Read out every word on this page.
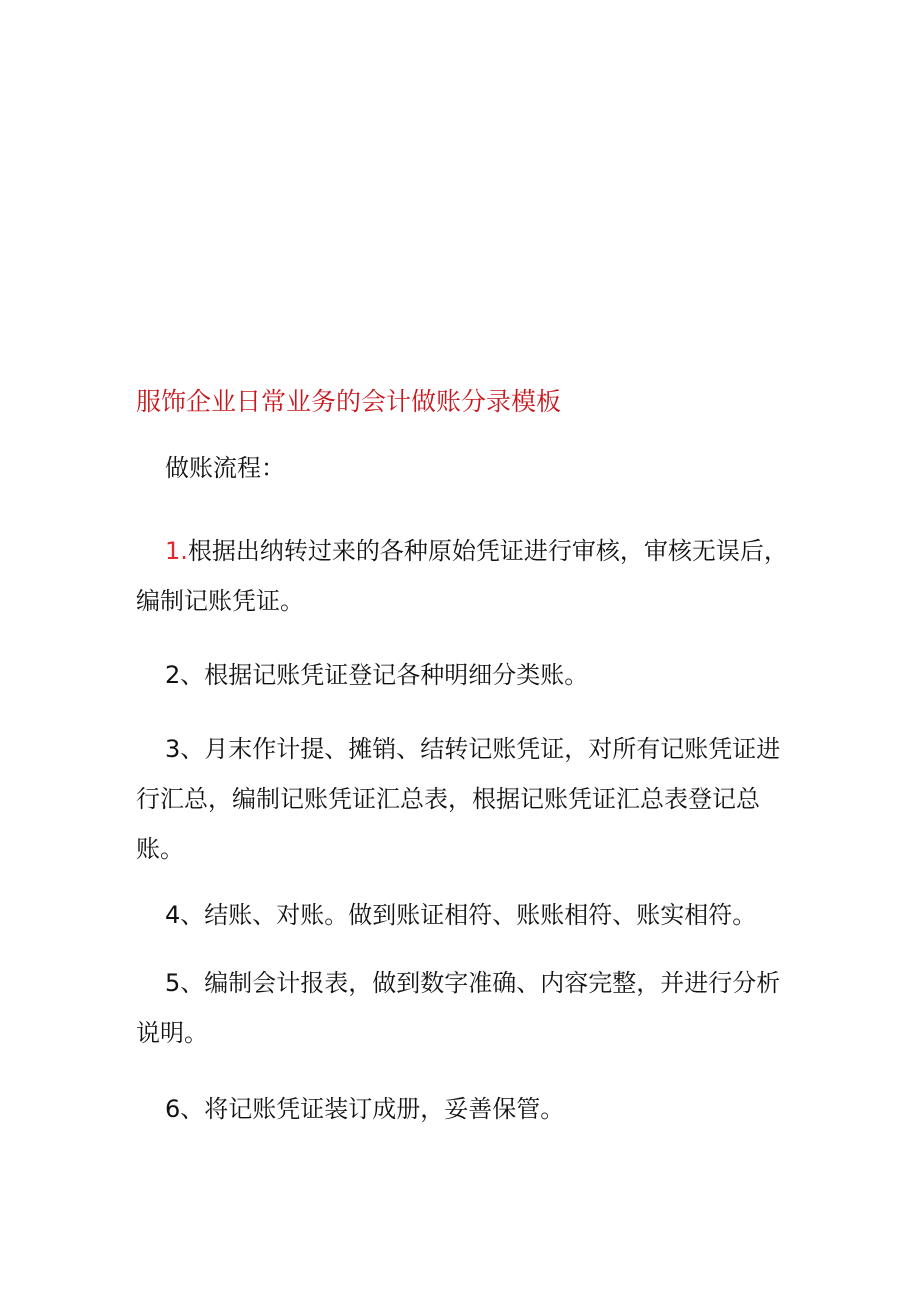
服饰企业日常业务的会计做账分录模板
做账流程：

1.根据出纳转过来的各种原始凭证进行审核，审核无误后，编制记账凭证。

2、根据记账凭证登记各种明细分类账。

3、月末作计提、摊销、结转记账凭证，对所有记账凭证进行汇总，编制记账凭证汇总表，根据记账凭证汇总表登记总账。

4、结账、对账。做到账证相符、账账相符、账实相符。

5、编制会计报表，做到数字准确、内容完整，并进行分析说明。

6、将记账凭证装订成册，妥善保管。
